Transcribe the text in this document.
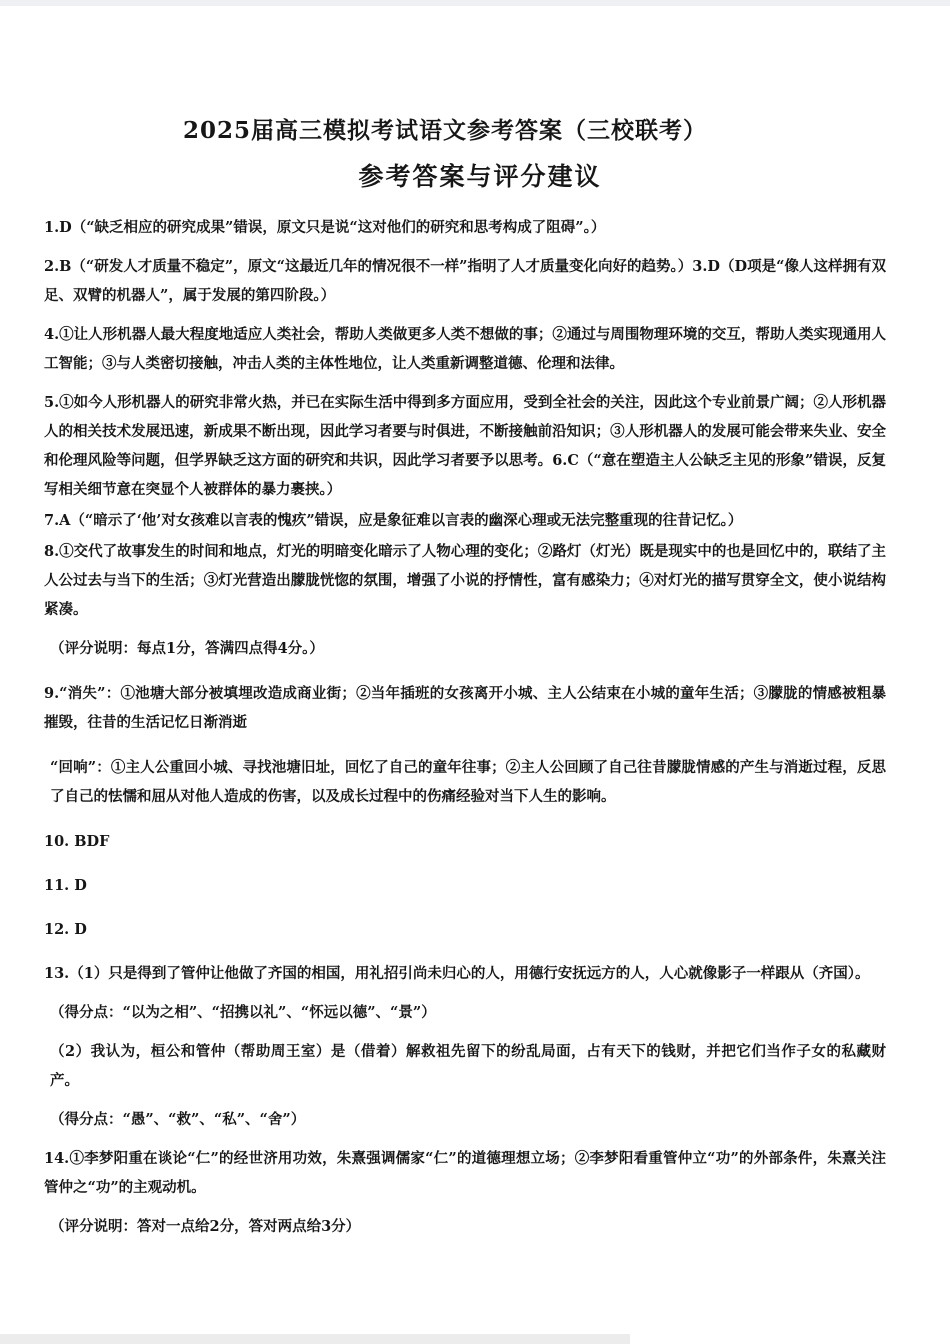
2025届高三模拟考试语文参考答案（三校联考）
参考答案与评分建议

1.D（“缺乏相应的研究成果”错误，原文只是说“这对他们的研究和思考构成了阻碍”。）

2.B（“研发人才质量不稳定”，原文“这最近几年的情况很不一样”指明了人才质量变化向好的趋势。）3.D（D项是“像人这样拥有双足、双臂的机器人”，属于发展的第四阶段。）

4.①让人形机器人最大程度地适应人类社会，帮助人类做更多人类不想做的事；②通过与周围物理环境的交互，帮助人类实现通用人工智能；③与人类密切接触，冲击人类的主体性地位，让人类重新调整道德、伦理和法律。

5.①如今人形机器人的研究非常火热，并已在实际生活中得到多方面应用，受到全社会的关注，因此这个专业前景广阔；②人形机器人的相关技术发展迅速，新成果不断出现，因此学习者要与时俱进，不断接触前沿知识；③人形机器人的发展可能会带来失业、安全和伦理风险等问题，但学界缺乏这方面的研究和共识，因此学习者要予以思考。6.C（“意在塑造主人公缺乏主见的形象”错误，反复写相关细节意在突显个人被群体的暴力裹挟。）

7.A（“暗示了‘他’对女孩难以言表的愧疚”错误，应是象征难以言表的幽深心理或无法完整重现的往昔记忆。）

8.①交代了故事发生的时间和地点，灯光的明暗变化暗示了人物心理的变化；②路灯（灯光）既是现实中的也是回忆中的，联结了主人公过去与当下的生活；③灯光营造出朦胧恍惚的氛围，增强了小说的抒情性，富有感染力；④对灯光的描写贯穿全文，使小说结构紧凑。

（评分说明：每点1分，答满四点得4分。）

9.“消失”：①池塘大部分被填埋改造成商业街；②当年插班的女孩离开小城、主人公结束在小城的童年生活；③朦胧的情感被粗暴摧毁，往昔的生活记忆日渐消逝

“回响”：①主人公重回小城、寻找池塘旧址，回忆了自己的童年往事；②主人公回顾了自己往昔朦胧情感的产生与消逝过程，反思了自己的怯懦和屈从对他人造成的伤害，以及成长过程中的伤痛经验对当下人生的影响。

10. BDF
11. D
12. D

13.（1）只是得到了管仲让他做了齐国的相国，用礼招引尚未归心的人，用德行安抚远方的人，人心就像影子一样跟从（齐国）。

（得分点：“以为之相”、“招携以礼”、“怀远以德”、“景”）

（2）我认为，桓公和管仲（帮助周王室）是（借着）解救祖先留下的纷乱局面，占有天下的钱财，并把它们当作子女的私藏财产。

（得分点：“愚”、“救”、“私”、“舍”）

14.①李梦阳重在谈论“仁”的经世济用功效，朱熹强调儒家“仁”的道德理想立场；②李梦阳看重管仲立“功”的外部条件，朱熹关注管仲之“功”的主观动机。

（评分说明：答对一点给2分，答对两点给3分）
